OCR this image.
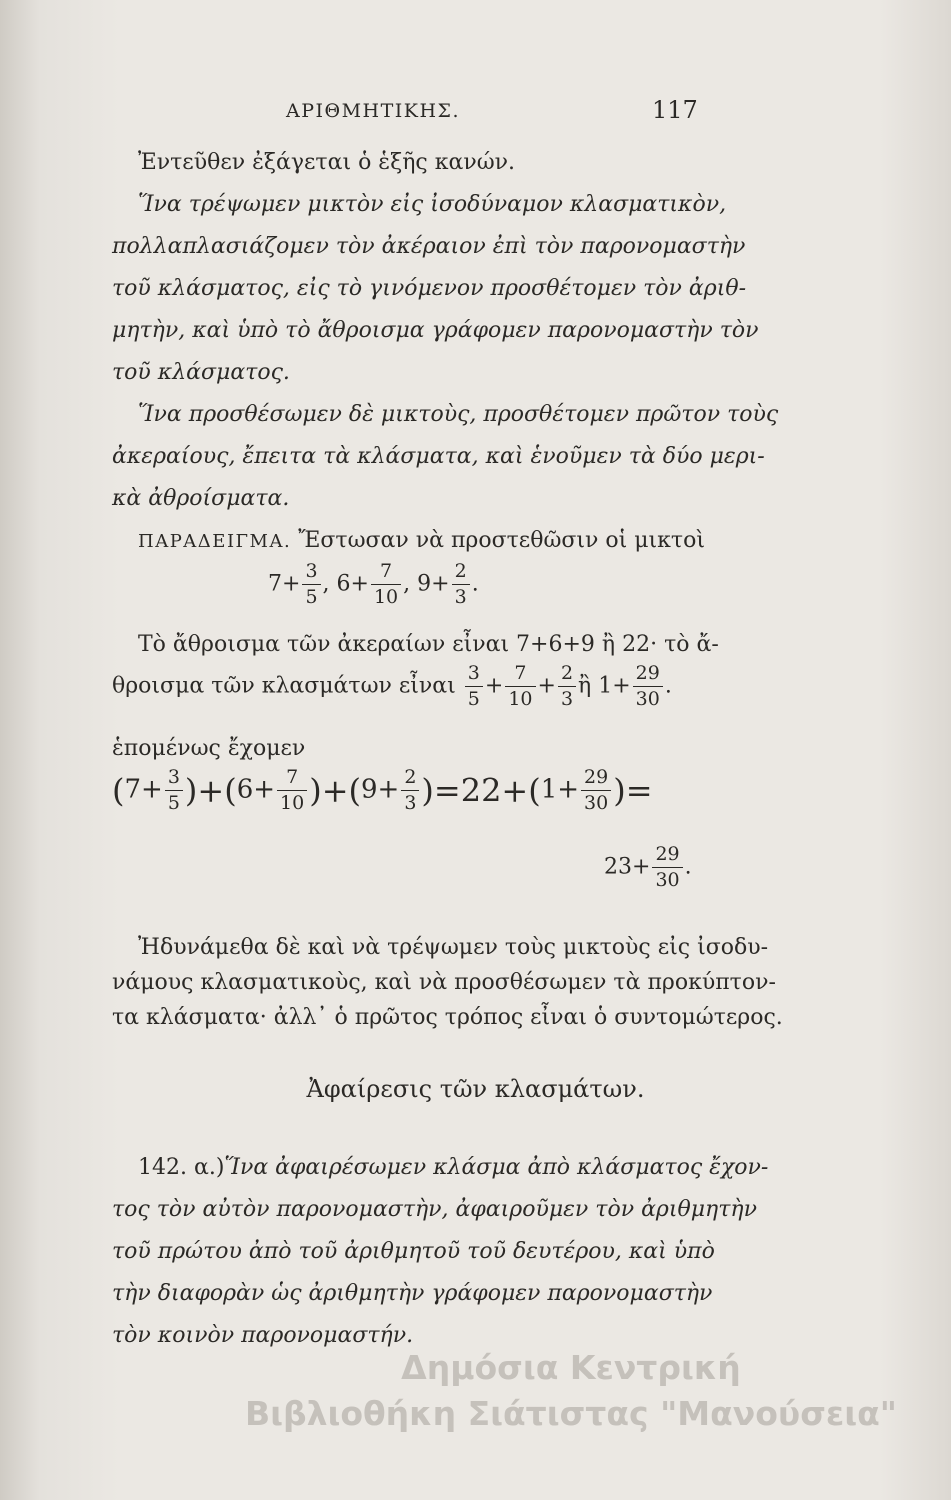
ΑΡΙΘΜΗΤΙΚΗΣ.	117
Ἐντεῦθεν ἐξάγεται ὁ ἑξῆς κανών.
Ἵνα τρέψωμεν μικτὸν εἰς ἰσοδύναμον κλασματικὸν,
πολλαπλασιάζομεν τὸν ἀκέραιον ἐπὶ τὸν παρονομαστὴν
τοῦ κλάσματος, εἰς τὸ γινόμενον προσθέτομεν τὸν ἀριθ-
μητὴν, καὶ ὑπὸ τὸ ἄθροισμα γράφομεν παρονομαστὴν τὸν
τοῦ κλάσματος.
Ἵνα προσθέσωμεν δὲ μικτοὺς, προσθέτομεν πρῶτον τοὺς
ἀκεραίους, ἔπειτα τὰ κλάσματα, καὶ ἑνοῦμεν τὰ δύο μερι-
κὰ ἀθροίσματα.
ΠΑΡΑΔΕΙΓΜΑ. Ἔστωσαν νὰ προστεθῶσιν οἱ μικτοὶ
$7+ \frac{3}{5}$ , $6+ \frac{7}{10}$ , $9+ \frac{2}{3}$ .
Τὸ ἄθροισμα τῶν ἀκεραίων εἶναι 7+6+9 ἢ 22· τὸ ἄ-
θροισμα τῶν κλασμάτων εἶναι $\frac{3}{5} + \frac{7}{10} + \frac{2}{3}$ ἢ $1+ \frac{29}{30}$ .
ἑπομένως ἔχομεν
$(7+ \frac{3}{5} )+(6+ \frac{7}{10} )+(9+ \frac{2}{3} )=22+(1+ \frac{29}{30}$ )=
$23+ \frac{29}{30}$ .
Ἠδυνάμεθα δὲ καὶ νὰ τρέψωμεν τοὺς μικτοὺς εἰς ἰσοδυ-
νάμους κλασματικοὺς, καὶ νὰ προσθέσωμεν τὰ προκύπτον-
τα κλάσματα· ἀλλ᾽ ὁ πρῶτος τρόπος εἶναι ὁ συντομώτερος.
Ἀφαίρεσις τῶν κλασμάτων.
142. α.)Ἵνα ἀφαιρέσωμεν κλάσμα ἀπὸ κλάσματος ἔχον-
τος τὸν αὐτὸν παρονομαστὴν, ἀφαιροῦμεν τὸν ἀριθμητὴν
τοῦ πρώτου ἀπὸ τοῦ ἀριθμητοῦ τοῦ δευτέρου, καὶ ὑπὸ
τὴν διαφορὰν ὡς ἀριθμητὴν γράφομεν παρονομαστὴν
τὸν κοινὸν παρονομαστήν.
Δημόσια Κεντρική
Βιβλιοθήκη Σιάτιστας "Μανούσεια"
